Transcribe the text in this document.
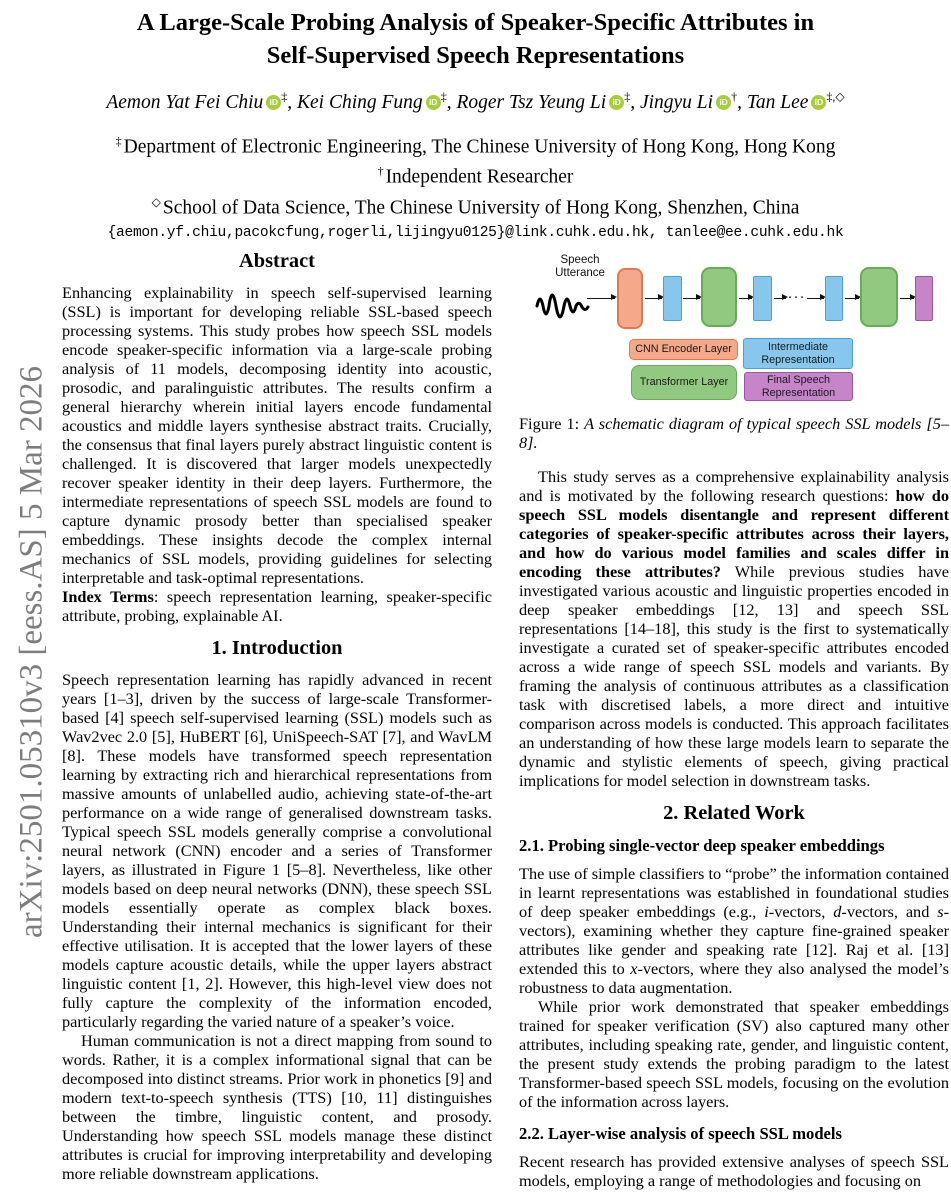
arXiv:2501.05310v3 [eess.AS] 5 Mar 2026
A Large-Scale Probing Analysis of Speaker-Specific Attributes in
Self-Supervised Speech Representations
Aemon Yat Fei Chiu iD ‡, Kei Ching Fung iD ‡, Roger Tsz Yeung Li iD ‡, Jingyu Li iD †, Tan Lee iD ‡,◇
‡ Department of Electronic Engineering, The Chinese University of Hong Kong, Hong Kong
† Independent Researcher
◇ School of Data Science, The Chinese University of Hong Kong, Shenzhen, China
{aemon.yf.chiu,pacokcfung,rogerli,lijingyu0125}@link.cuhk.edu.hk, tanlee@ee.cuhk.edu.hk
Abstract

Enhancing explainability in speech self-supervised learning (SSL) is important for developing reliable SSL-based speech processing systems. This study probes how speech SSL models encode speaker-specific information via a large-scale probing analysis of 11 models, decomposing identity into acoustic, prosodic, and paralinguistic attributes. The results confirm a general hierarchy wherein initial layers encode fundamental acoustics and middle layers synthesise abstract traits. Crucially, the consensus that final layers purely abstract linguistic content is challenged. It is discovered that larger models unexpectedly recover speaker identity in their deep layers. Furthermore, the intermediate representations of speech SSL models are found to capture dynamic prosody better than specialised speaker embeddings. These insights decode the complex internal mechanics of SSL models, providing guidelines for selecting interpretable and task-optimal representations.

Index Terms: speech representation learning, speaker-specific attribute, probing, explainable AI.

1. Introduction

Speech representation learning has rapidly advanced in recent years [1–3], driven by the success of large-scale Transformer-based [4] speech self-supervised learning (SSL) models such as Wav2vec 2.0 [5], HuBERT [6], UniSpeech-SAT [7], and WavLM [8]. These models have transformed speech representation learning by extracting rich and hierarchical representations from massive amounts of unlabelled audio, achieving state-of-the-art performance on a wide range of generalised downstream tasks. Typical speech SSL models generally comprise a convolutional neural network (CNN) encoder and a series of Transformer layers, as illustrated in Figure 1 [5–8]. Nevertheless, like other models based on deep neural networks (DNN), these speech SSL models essentially operate as complex black boxes. Understanding their internal mechanics is significant for their effective utilisation. It is accepted that the lower layers of these models capture acoustic details, while the upper layers abstract linguistic content [1, 2]. However, this high-level view does not fully capture the complexity of the information encoded, particularly regarding the varied nature of a speaker’s voice.

Human communication is not a direct mapping from sound to words. Rather, it is a complex informational signal that can be decomposed into distinct streams. Prior work in phonetics [9] and modern text-to-speech synthesis (TTS) [10, 11] distinguishes between the timbre, linguistic content, and prosody. Understanding how speech SSL models manage these distinct attributes is crucial for improving interpretability and developing more reliable downstream applications.

Speech
Utterance
···
CNN Encoder Layer	Intermediate Representation
Transformer Layer	Final Speech Representation

Figure 1: A schematic diagram of typical speech SSL models [5–8].

This study serves as a comprehensive explainability analysis and is motivated by the following research questions: how do speech SSL models disentangle and represent different categories of speaker-specific attributes across their layers, and how do various model families and scales differ in encoding these attributes? While previous studies have investigated various acoustic and linguistic properties encoded in deep speaker embeddings [12, 13] and speech SSL representations [14–18], this study is the first to systematically investigate a curated set of speaker-specific attributes encoded across a wide range of speech SSL models and variants. By framing the analysis of continuous attributes as a classification task with discretised labels, a more direct and intuitive comparison across models is conducted. This approach facilitates an understanding of how these large models learn to separate the dynamic and stylistic elements of speech, giving practical implications for model selection in downstream tasks.

2. Related Work
2.1. Probing single-vector deep speaker embeddings

The use of simple classifiers to “probe” the information contained in learnt representations was established in foundational studies of deep speaker embeddings (e.g., i-vectors, d-vectors, and s-vectors), examining whether they capture fine-grained speaker attributes like gender and speaking rate [12]. Raj et al. [13] extended this to x-vectors, where they also analysed the model’s robustness to data augmentation.

While prior work demonstrated that speaker embeddings trained for speaker verification (SV) also captured many other attributes, including speaking rate, gender, and linguistic content, the present study extends the probing paradigm to the latest Transformer-based speech SSL models, focusing on the evolution of the information across layers.

2.2. Layer-wise analysis of speech SSL models

Recent research has provided extensive analyses of speech SSL models, employing a range of methodologies and focusing on
